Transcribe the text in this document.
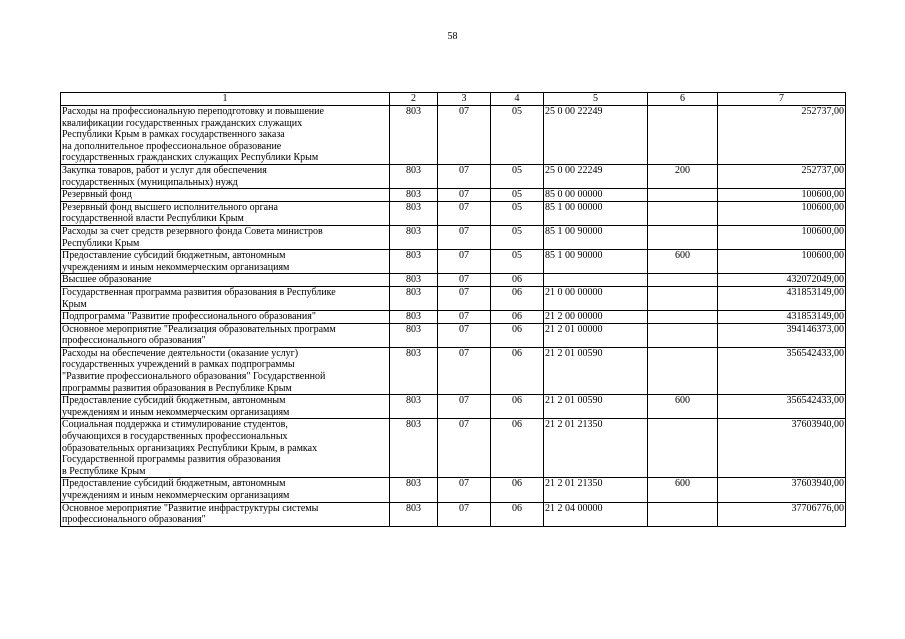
58
1	2	3	4	5	6	7
Расходы на профессиональную переподготовку и повышение
квалификации государственных гражданских служащих
Республики Крым в рамках государственного заказа
на дополнительное профессиональное образование
государственных гражданских служащих Республики Крым	803	07	05	25 0 00 22249		252737,00
Закупка товаров, работ и услуг для обеспечения
государственных (муниципальных) нужд	803	07	05	25 0 00 22249	200	252737,00
Резервный фонд	803	07	05	85 0 00 00000		100600,00
Резервный фонд высшего исполнительного органа
государственной власти Республики Крым	803	07	05	85 1 00 00000		100600,00
Расходы за счет средств резервного фонда Совета министров
Республики Крым	803	07	05	85 1 00 90000		100600,00
Предоставление субсидий бюджетным, автономным
учреждениям и иным некоммерческим организациям	803	07	05	85 1 00 90000	600	100600,00
Высшее образование	803	07	06			432072049,00
Государственная программа развития образования в Республике
Крым	803	07	06	21 0 00 00000		431853149,00
Подпрограмма "Развитие профессионального образования"	803	07	06	21 2 00 00000		431853149,00
Основное мероприятие "Реализация образовательных программ
профессионального образования"	803	07	06	21 2 01 00000		394146373,00
Расходы на обеспечение деятельности (оказание услуг)
государственных учреждений в рамках подпрограммы
"Развитие профессионального образования" Государственной
программы развития образования в Республике Крым	803	07	06	21 2 01 00590		356542433,00
Предоставление субсидий бюджетным, автономным
учреждениям и иным некоммерческим организациям	803	07	06	21 2 01 00590	600	356542433,00
Социальная поддержка и стимулирование студентов,
обучающихся в государственных профессиональных
образовательных организациях Республики Крым, в рамках
Государственной программы развития образования
в Республике Крым	803	07	06	21 2 01 21350		37603940,00
Предоставление субсидий бюджетным, автономным
учреждениям и иным некоммерческим организациям	803	07	06	21 2 01 21350	600	37603940,00
Основное мероприятие "Развитие инфраструктуры системы
профессионального образования"	803	07	06	21 2 04 00000		37706776,00
